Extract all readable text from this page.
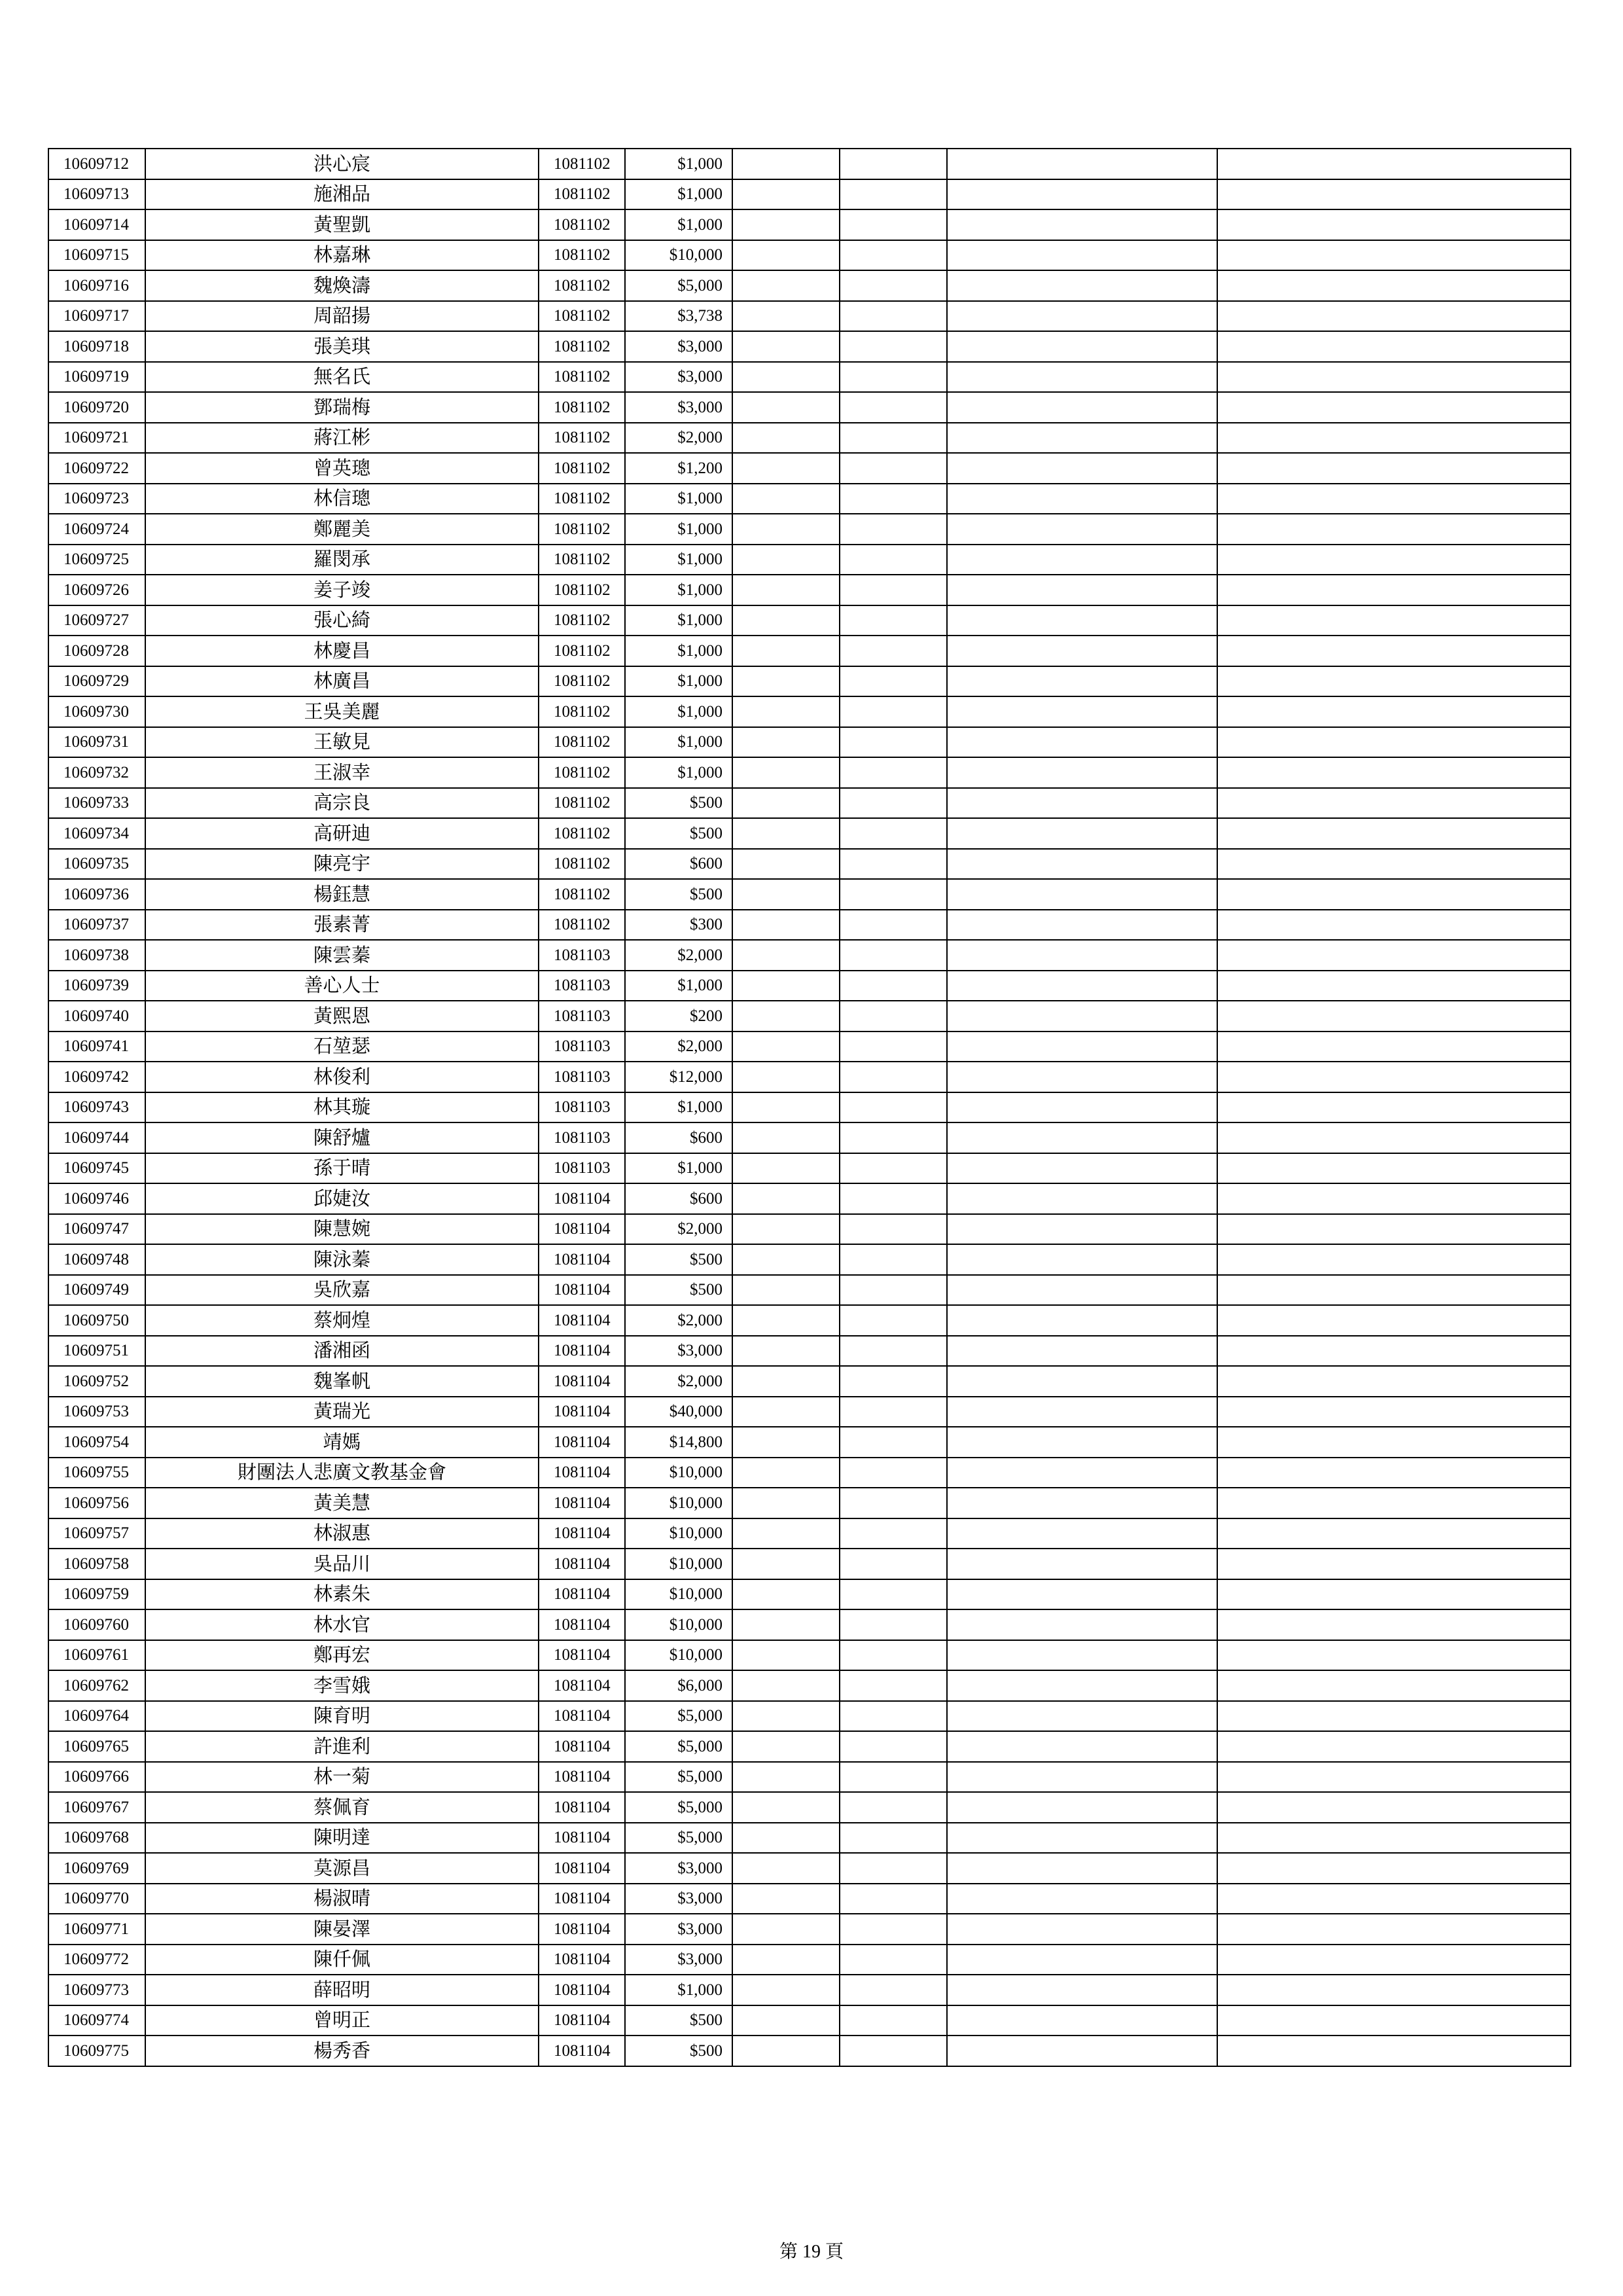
10609712	洪心宸	1081102	$1,000				
10609713	施湘品	1081102	$1,000				
10609714	黃聖凱	1081102	$1,000				
10609715	林嘉琳	1081102	$10,000				
10609716	魏煥濤	1081102	$5,000				
10609717	周韶揚	1081102	$3,738				
10609718	張美琪	1081102	$3,000				
10609719	無名氏	1081102	$3,000				
10609720	鄧瑞梅	1081102	$3,000				
10609721	蔣江彬	1081102	$2,000				
10609722	曾英璁	1081102	$1,200				
10609723	林信璁	1081102	$1,000				
10609724	鄭麗美	1081102	$1,000				
10609725	羅閔承	1081102	$1,000				
10609726	姜子竣	1081102	$1,000				
10609727	張心綺	1081102	$1,000				
10609728	林慶昌	1081102	$1,000				
10609729	林廣昌	1081102	$1,000				
10609730	王吳美麗	1081102	$1,000				
10609731	王敏見	1081102	$1,000				
10609732	王淑幸	1081102	$1,000				
10609733	高宗良	1081102	$500				
10609734	高研迪	1081102	$500				
10609735	陳亮宇	1081102	$600				
10609736	楊鈺慧	1081102	$500				
10609737	張素菁	1081102	$300				
10609738	陳雲蓁	1081103	$2,000				
10609739	善心人士	1081103	$1,000				
10609740	黃熙恩	1081103	$200				
10609741	石堃瑟	1081103	$2,000				
10609742	林俊利	1081103	$12,000				
10609743	林其璇	1081103	$1,000				
10609744	陳舒爐	1081103	$600				
10609745	孫于晴	1081103	$1,000				
10609746	邱婕汝	1081104	$600				
10609747	陳慧婉	1081104	$2,000				
10609748	陳泳蓁	1081104	$500				
10609749	吳欣嘉	1081104	$500				
10609750	蔡炯煌	1081104	$2,000				
10609751	潘湘函	1081104	$3,000				
10609752	魏峯帆	1081104	$2,000				
10609753	黃瑞光	1081104	$40,000				
10609754	靖媽	1081104	$14,800				
10609755	財團法人悲廣文教基金會	1081104	$10,000				
10609756	黃美慧	1081104	$10,000				
10609757	林淑惠	1081104	$10,000				
10609758	吳品川	1081104	$10,000				
10609759	林素朱	1081104	$10,000				
10609760	林水官	1081104	$10,000				
10609761	鄭再宏	1081104	$10,000				
10609762	李雪娥	1081104	$6,000				
10609764	陳育明	1081104	$5,000				
10609765	許進利	1081104	$5,000				
10609766	林一菊	1081104	$5,000				
10609767	蔡佩育	1081104	$5,000				
10609768	陳明達	1081104	$5,000				
10609769	莫源昌	1081104	$3,000				
10609770	楊淑晴	1081104	$3,000				
10609771	陳晏澤	1081104	$3,000				
10609772	陳仟佩	1081104	$3,000				
10609773	薛昭明	1081104	$1,000				
10609774	曾明正	1081104	$500				
10609775	楊秀香	1081104	$500				
第 19 頁
